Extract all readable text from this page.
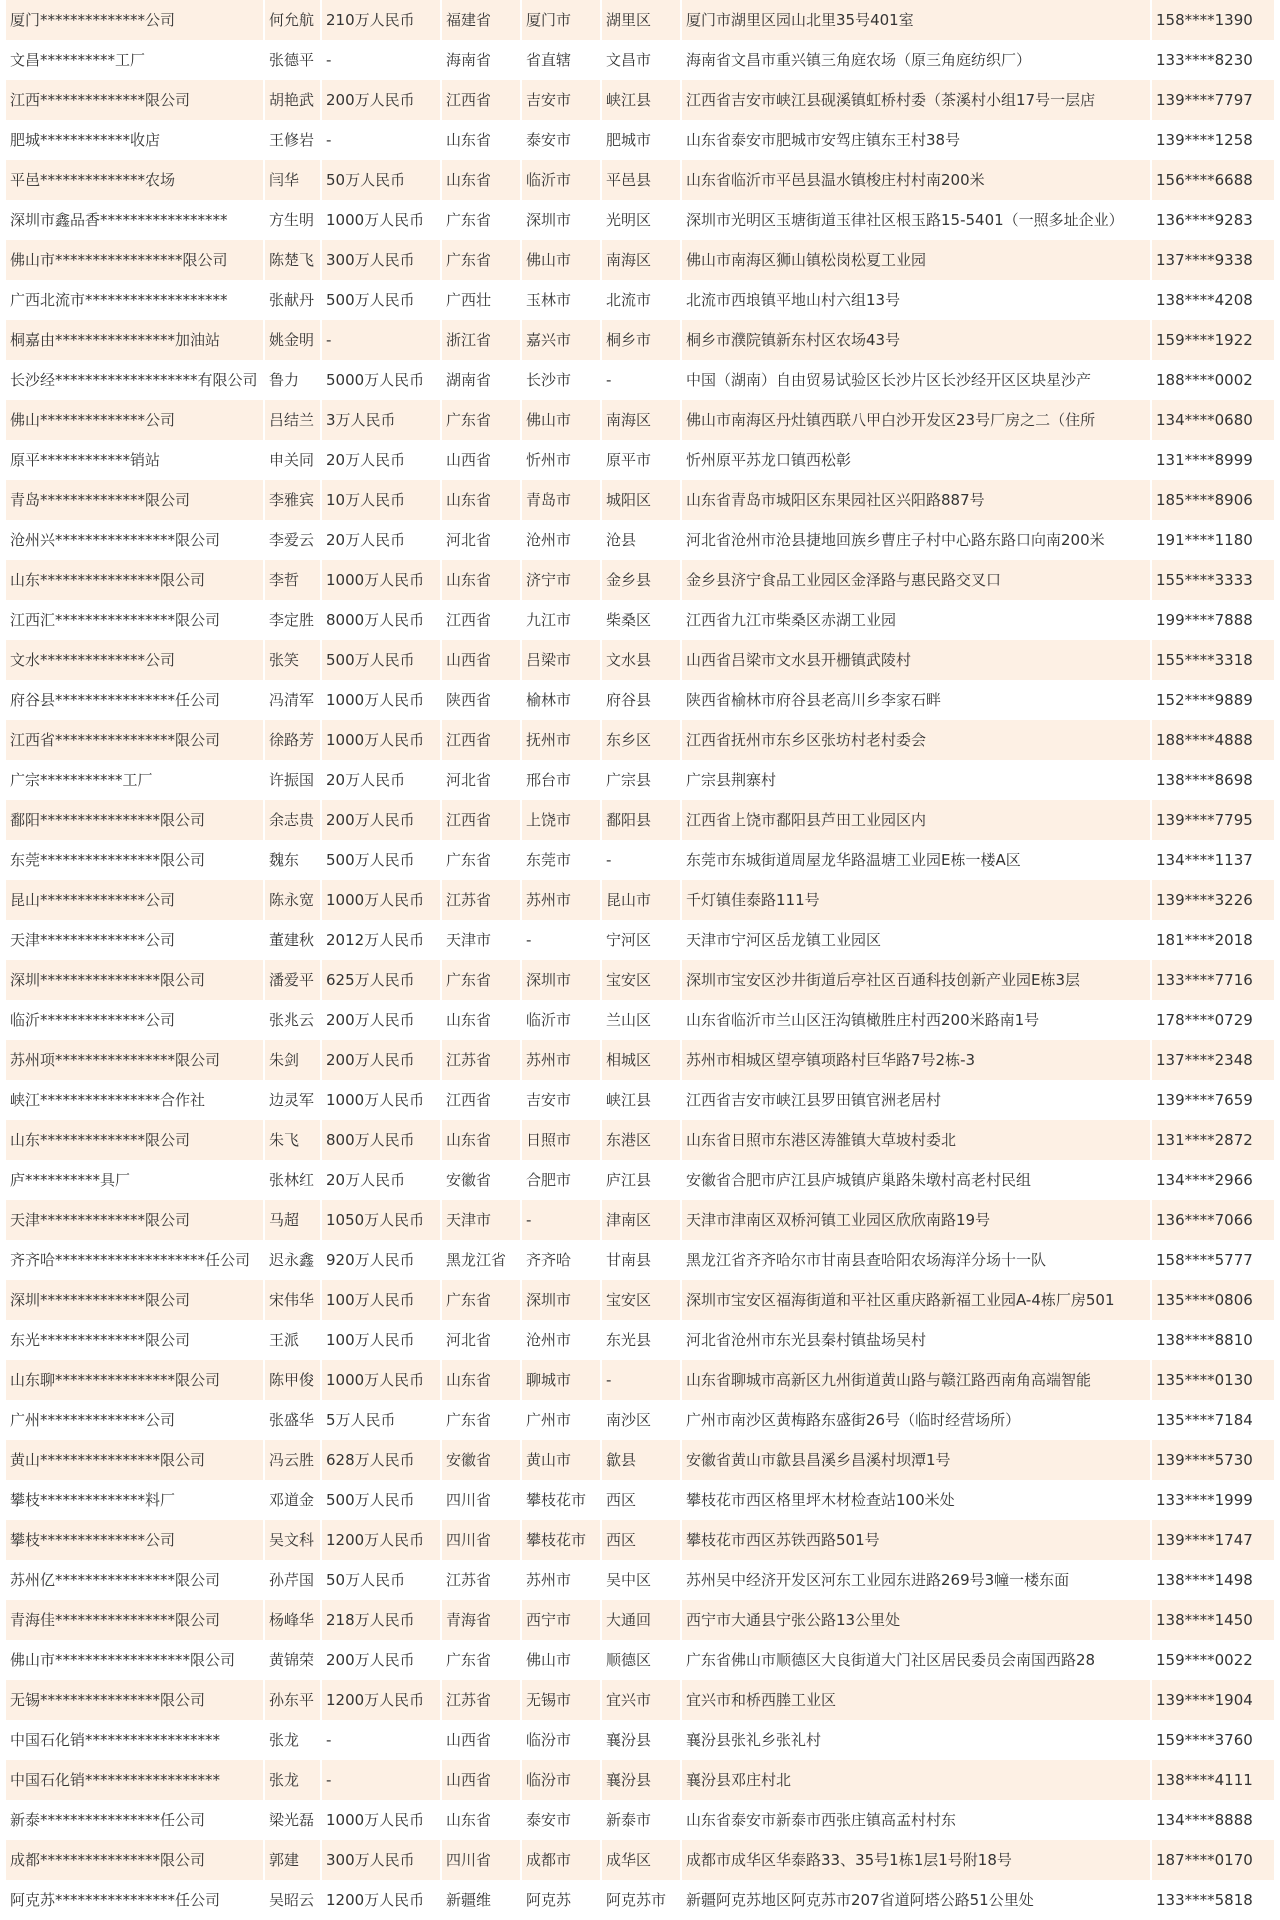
厦门**************公司	何允航	210万人民币	福建省	厦门市	湖里区	厦门市湖里区园山北里35号401室	158****1390
文昌**********工厂	张德平	-	海南省	省直辖	文昌市	海南省文昌市重兴镇三角庭农场（原三角庭纺织厂）	133****8230
江西**************限公司	胡艳武	200万人民币	江西省	吉安市	峡江县	江西省吉安市峡江县砚溪镇虹桥村委（茶溪村小组17号一层店	139****7797
肥城************收店	王修岩	-	山东省	泰安市	肥城市	山东省泰安市肥城市安驾庄镇东王村38号	139****1258
平邑**************农场	闫华	50万人民币	山东省	临沂市	平邑县	山东省临沂市平邑县温水镇梭庄村村南200米	156****6688
深圳市鑫品香*****************	方生明	1000万人民币	广东省	深圳市	光明区	深圳市光明区玉塘街道玉律社区根玉路15-5401（一照多址企业）	136****9283
佛山市*****************限公司	陈楚飞	300万人民币	广东省	佛山市	南海区	佛山市南海区狮山镇松岗松夏工业园	137****9338
广西北流市*******************	张献丹	500万人民币	广西壮	玉林市	北流市	北流市西埌镇平地山村六组13号	138****4208
桐嘉由****************加油站	姚金明	-	浙江省	嘉兴市	桐乡市	桐乡市濮院镇新东村区农场43号	159****1922
长沙经*******************有限公司	鲁力	5000万人民币	湖南省	长沙市	-	中国（湖南）自由贸易试验区长沙片区长沙经开区区块星沙产	188****0002
佛山**************公司	吕结兰	3万人民币	广东省	佛山市	南海区	佛山市南海区丹灶镇西联八甲白沙开发区23号厂房之二（住所	134****0680
原平************销站	申关同	20万人民币	山西省	忻州市	原平市	忻州原平苏龙口镇西松彰	131****8999
青岛**************限公司	李雅宾	10万人民币	山东省	青岛市	城阳区	山东省青岛市城阳区东果园社区兴阳路887号	185****8906
沧州兴****************限公司	李爱云	20万人民币	河北省	沧州市	沧县	河北省沧州市沧县捷地回族乡曹庄子村中心路东路口向南200米	191****1180
山东****************限公司	李哲	1000万人民币	山东省	济宁市	金乡县	金乡县济宁食品工业园区金泽路与惠民路交叉口	155****3333
江西汇****************限公司	李定胜	8000万人民币	江西省	九江市	柴桑区	江西省九江市柴桑区赤湖工业园	199****7888
文水**************公司	张笑	500万人民币	山西省	吕梁市	文水县	山西省吕梁市文水县开栅镇武陵村	155****3318
府谷县****************任公司	冯清军	1000万人民币	陕西省	榆林市	府谷县	陕西省榆林市府谷县老高川乡李家石畔	152****9889
江西省****************限公司	徐路芳	1000万人民币	江西省	抚州市	东乡区	江西省抚州市东乡区张坊村老村委会	188****4888
广宗***********工厂	许振国	20万人民币	河北省	邢台市	广宗县	广宗县荆寨村	138****8698
鄱阳****************限公司	余志贵	200万人民币	江西省	上饶市	鄱阳县	江西省上饶市鄱阳县芦田工业园区内	139****7795
东莞****************限公司	魏东	500万人民币	广东省	东莞市	-	东莞市东城街道周屋龙华路温塘工业园E栋一楼A区	134****1137
昆山**************公司	陈永宽	1000万人民币	江苏省	苏州市	昆山市	千灯镇佳泰路111号	139****3226
天津**************公司	董建秋	2012万人民币	天津市	-	宁河区	天津市宁河区岳龙镇工业园区	181****2018
深圳****************限公司	潘爱平	625万人民币	广东省	深圳市	宝安区	深圳市宝安区沙井街道后亭社区百通科技创新产业园E栋3层	133****7716
临沂**************公司	张兆云	200万人民币	山东省	临沂市	兰山区	山东省临沂市兰山区汪沟镇橄胜庄村西200米路南1号	178****0729
苏州项****************限公司	朱剑	200万人民币	江苏省	苏州市	相城区	苏州市相城区望亭镇项路村巨华路7号2栋-3	137****2348
峡江****************合作社	边灵军	1000万人民币	江西省	吉安市	峡江县	江西省吉安市峡江县罗田镇官洲老居村	139****7659
山东**************限公司	朱飞	800万人民币	山东省	日照市	东港区	山东省日照市东港区涛雒镇大草坡村委北	131****2872
庐**********具厂	张林红	20万人民币	安徽省	合肥市	庐江县	安徽省合肥市庐江县庐城镇庐巢路朱墩村高老村民组	134****2966
天津**************限公司	马超	1050万人民币	天津市	-	津南区	天津市津南区双桥河镇工业园区欣欣南路19号	136****7066
齐齐哈********************任公司	迟永鑫	920万人民币	黑龙江省	齐齐哈	甘南县	黑龙江省齐齐哈尔市甘南县查哈阳农场海洋分场十一队	158****5777
深圳**************限公司	宋伟华	100万人民币	广东省	深圳市	宝安区	深圳市宝安区福海街道和平社区重庆路新福工业园A-4栋厂房501	135****0806
东光**************限公司	王派	100万人民币	河北省	沧州市	东光县	河北省沧州市东光县秦村镇盐场吴村	138****8810
山东聊****************限公司	陈甲俊	1000万人民币	山东省	聊城市	-	山东省聊城市高新区九州街道黄山路与赣江路西南角高端智能	135****0130
广州**************公司	张盛华	5万人民币	广东省	广州市	南沙区	广州市南沙区黄梅路东盛街26号（临时经营场所）	135****7184
黄山****************限公司	冯云胜	628万人民币	安徽省	黄山市	歙县	安徽省黄山市歙县昌溪乡昌溪村坝潭1号	139****5730
攀枝**************料厂	邓道金	500万人民币	四川省	攀枝花市	西区	攀枝花市西区格里坪木材检查站100米处	133****1999
攀枝**************公司	吴文科	1200万人民币	四川省	攀枝花市	西区	攀枝花市西区苏铁西路501号	139****1747
苏州亿****************限公司	孙芹国	50万人民币	江苏省	苏州市	吴中区	苏州吴中经济开发区河东工业园东进路269号3幢一楼东面	138****1498
青海佳****************限公司	杨峰华	218万人民币	青海省	西宁市	大通回	西宁市大通县宁张公路13公里处	138****1450
佛山市******************限公司	黄锦荣	200万人民币	广东省	佛山市	顺德区	广东省佛山市顺德区大良街道大门社区居民委员会南国西路28	159****0022
无锡****************限公司	孙东平	1200万人民币	江苏省	无锡市	宜兴市	宜兴市和桥西塍工业区	139****1904
中国石化销******************	张龙	-	山西省	临汾市	襄汾县	襄汾县张礼乡张礼村	159****3760
中国石化销******************	张龙	-	山西省	临汾市	襄汾县	襄汾县邓庄村北	138****4111
新泰****************任公司	梁光磊	1000万人民币	山东省	泰安市	新泰市	山东省泰安市新泰市西张庄镇高孟村村东	134****8888
成都****************限公司	郭建	300万人民币	四川省	成都市	成华区	成都市成华区华泰路33、35号1栋1层1号附18号	187****0170
阿克苏****************任公司	吴昭云	1200万人民币	新疆维	阿克苏	阿克苏市	新疆阿克苏地区阿克苏市207省道阿塔公路51公里处	133****5818
